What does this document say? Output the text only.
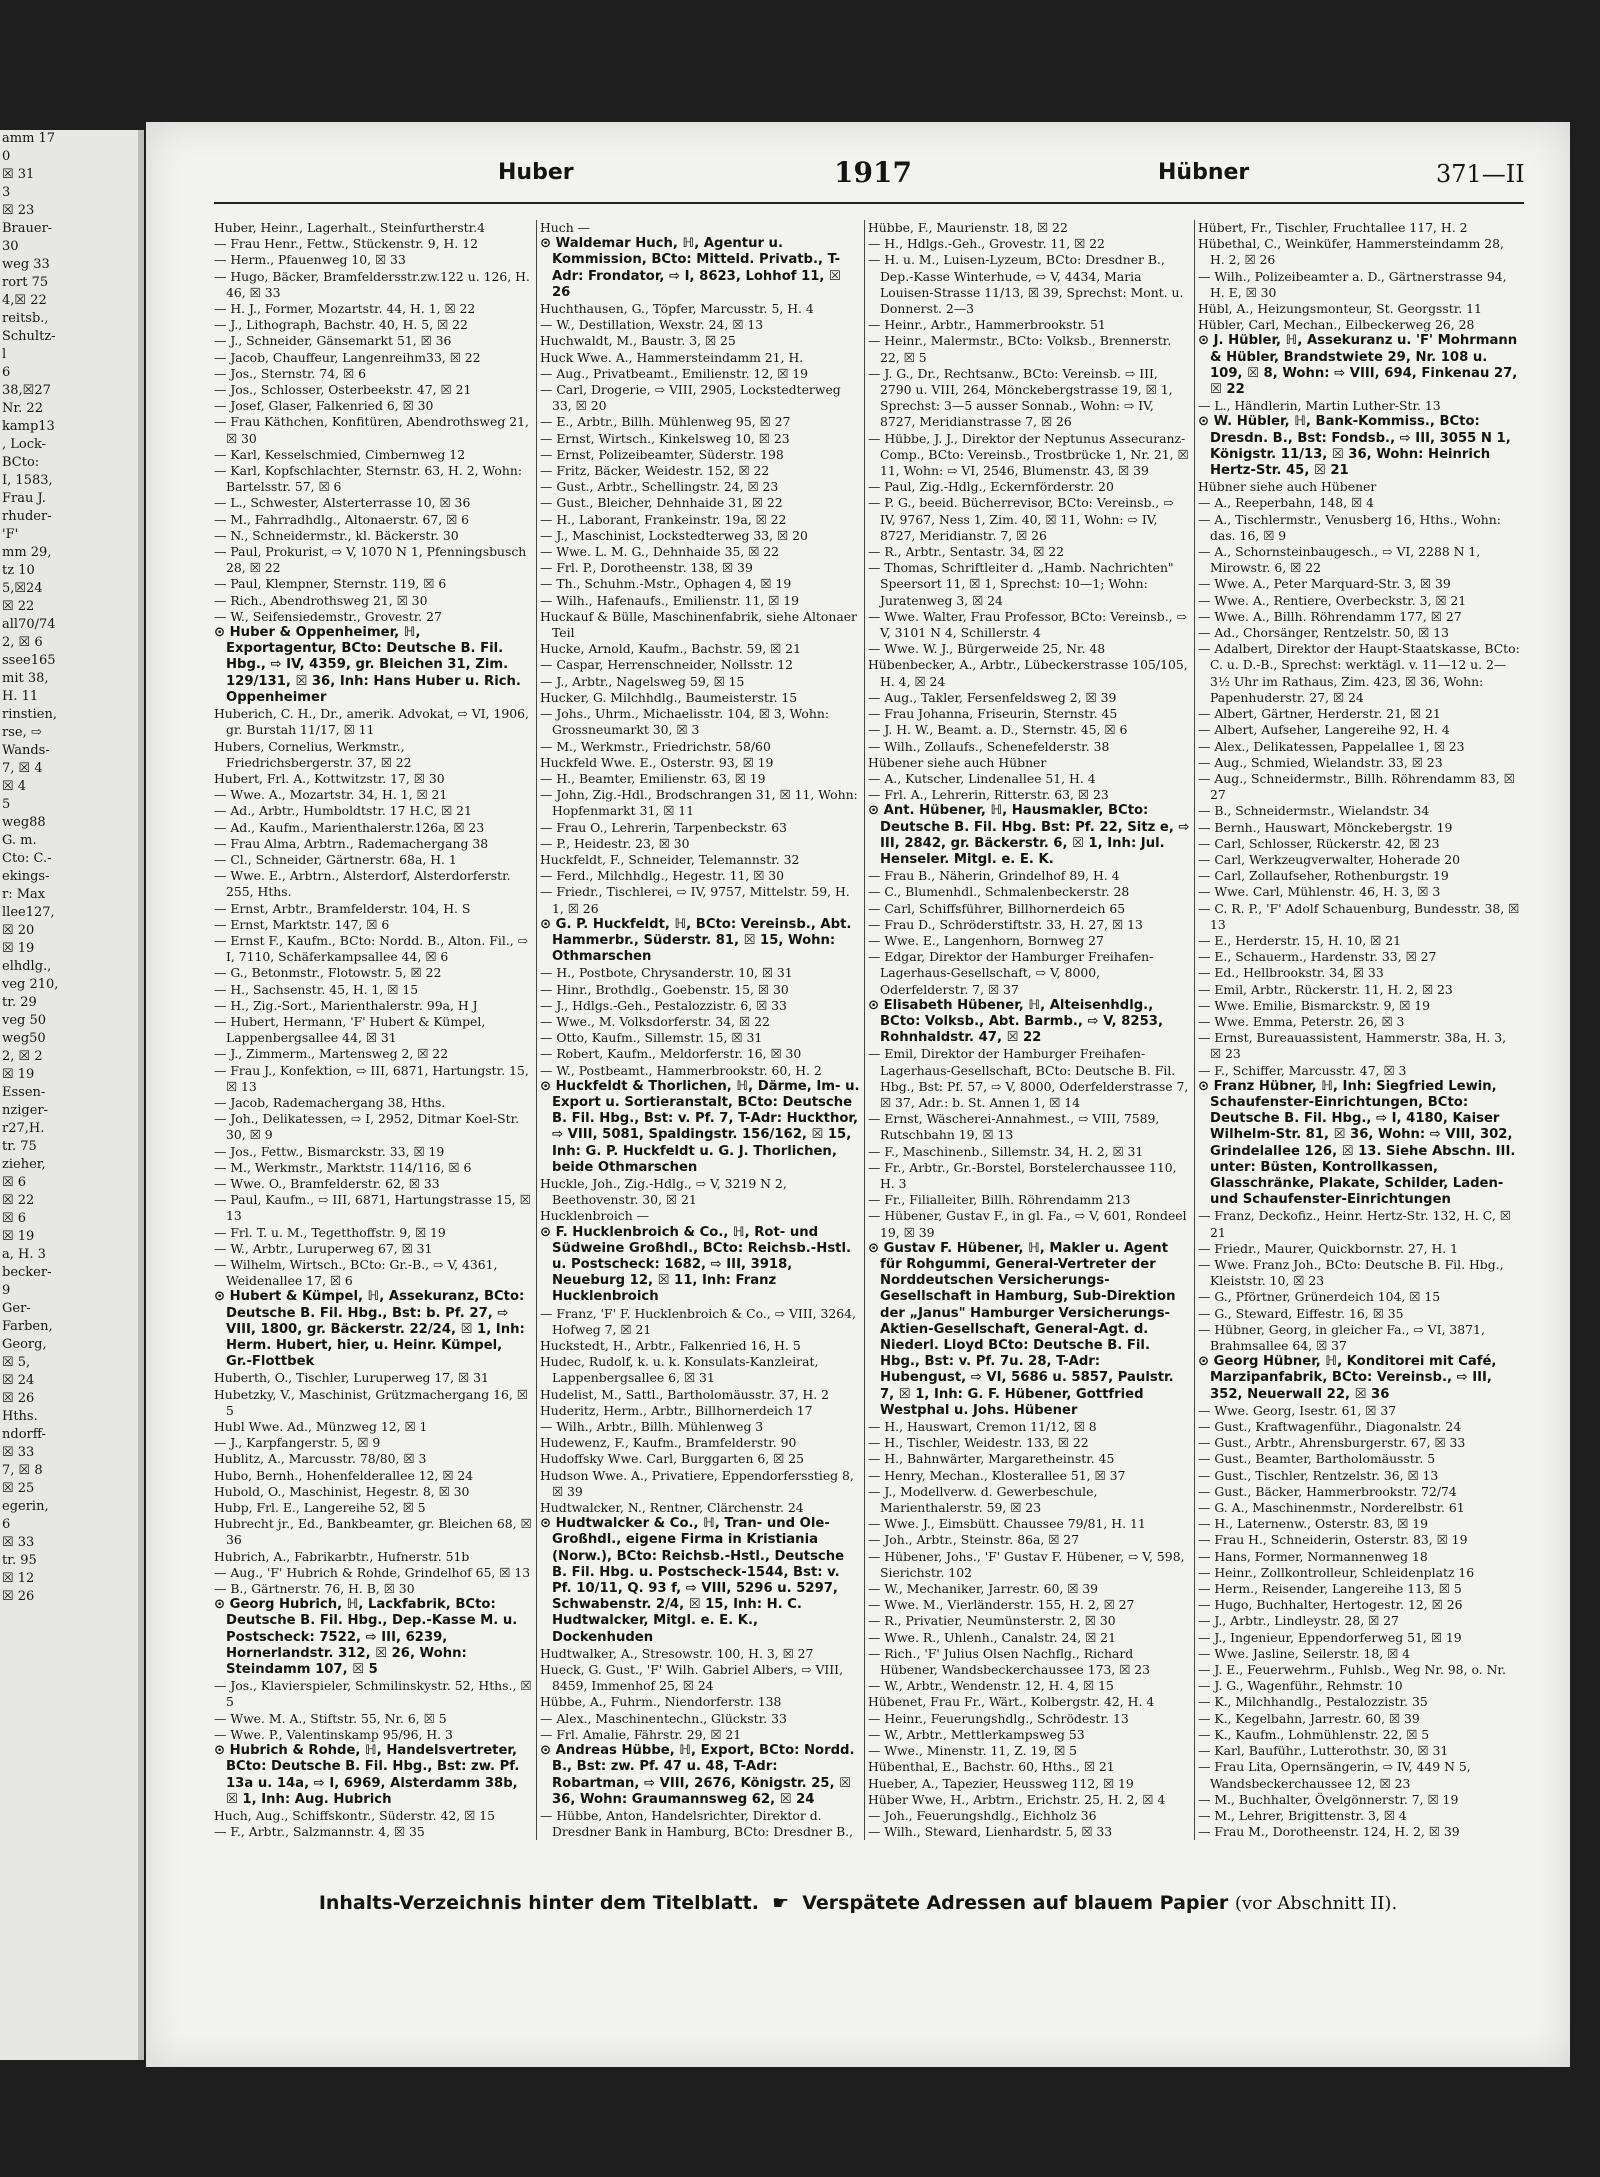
amm 17
0
☒ 31
3
☒ 23
Brauer-
30
weg 33
rort 75
4,☒ 22
reitsb.,
Schultz-
l
6
38,☒27
Nr. 22
kamp13
, Lock-
BCto:
I, 1583,
Frau J.
rhuder-
'F'
mm 29,
tz 10
5,☒24
☒ 22
all70/74
2, ☒ 6
ssee165
mit 38,
H. 11
rinstien,
rse, ⇨
Wands-
7, ☒ 4
☒ 4
5
weg88
G. m.
Cto: C.-
ekings-
r: Max
llee127,
☒ 20
☒ 19
elhdlg.,
veg 210,
tr. 29
veg 50
weg50
2, ☒ 2
☒ 19
Essen-
nziger-
r27,H.
tr. 75
zieher,
☒ 6
☒ 22
☒ 6
☒ 19
a, H. 3
becker-
9
Ger-
Farben,
Georg,
☒ 5,
☒ 24
☒ 26
Hths.
ndorff-
☒ 33
7, ☒ 8
☒ 25
egerin,
6
☒ 33
tr. 95
☒ 12
☒ 26
Huber	1917	Hübner	371—II
Huber, Heinr., Lagerhalt., Steinfurtherstr.4
— Frau Henr., Fettw., Stückenstr. 9, H. 12
— Herm., Pfauenweg 10, ☒ 33
— Hugo, Bäcker, Bramfeldersstr.zw.122 u. 126, H. 46, ☒ 33
— H. J., Former, Mozartstr. 44, H. 1, ☒ 22
— J., Lithograph, Bachstr. 40, H. 5, ☒ 22
— J., Schneider, Gänsemarkt 51, ☒ 36
— Jacob, Chauffeur, Langenreihm33, ☒ 22
— Jos., Sternstr. 74, ☒ 6
— Jos., Schlosser, Osterbeekstr. 47, ☒ 21
— Josef, Glaser, Falkenried 6, ☒ 30
— Frau Käthchen, Konfitüren, Abendrothsweg 21, ☒ 30
— Karl, Kesselschmied, Cimbernweg 12
— Karl, Kopfschlachter, Sternstr. 63, H. 2, Wohn: Bartelsstr. 57, ☒ 6
— L., Schwester, Alsterterrasse 10, ☒ 36
— M., Fahrradhdlg., Altonaerstr. 67, ☒ 6
— N., Schneidermstr., kl. Bäckerstr. 30
— Paul, Prokurist, ⇨ V, 1070 N 1, Pfenningsbusch 28, ☒ 22
— Paul, Klempner, Sternstr. 119, ☒ 6
— Rich., Abendrothsweg 21, ☒ 30
— W., Seifensiedemstr., Grovestr. 27
⊙ Huber & Oppenheimer, ℍ, Exportagentur, BCto: Deutsche B. Fil. Hbg., ⇨ IV, 4359, gr. Bleichen 31, Zim. 129/131, ☒ 36, Inh: Hans Huber u. Rich. Oppenheimer
Huberich, C. H., Dr., amerik. Advokat, ⇨ VI, 1906, gr. Burstah 11/17, ☒ 11
Hubers, Cornelius, Werkmstr., Friedrichsbergerstr. 37, ☒ 22
Hubert, Frl. A., Kottwitzstr. 17, ☒ 30
— Wwe. A., Mozartstr. 34, H. 1, ☒ 21
— Ad., Arbtr., Humboldtstr. 17 H.C, ☒ 21
— Ad., Kaufm., Marienthalerstr.126a, ☒ 23
— Frau Alma, Arbtrn., Rademachergang 38
— Cl., Schneider, Gärtnerstr. 68a, H. 1
— Wwe. E., Arbtrn., Alsterdorf, Alsterdorferstr. 255, Hths.
— Ernst, Arbtr., Bramfelderstr. 104, H. S
— Ernst, Marktstr. 147, ☒ 6
— Ernst F., Kaufm., BCto: Nordd. B., Alton. Fil., ⇨ I, 7110, Schäferkampsallee 44, ☒ 6
— G., Betonmstr., Flotowstr. 5, ☒ 22
— H., Sachsenstr. 45, H. 1, ☒ 15
— H., Zig.-Sort., Marienthalerstr. 99a, H J
— Hubert, Hermann, 'F' Hubert & Kümpel, Lappenbergsallee 44, ☒ 31
— J., Zimmerm., Martensweg 2, ☒ 22
— Frau J., Konfektion, ⇨ III, 6871, Hartungstr. 15, ☒ 13
— Jacob, Rademachergang 38, Hths.
— Joh., Delikatessen, ⇨ I, 2952, Ditmar Koel-Str. 30, ☒ 9
— Jos., Fettw., Bismarckstr. 33, ☒ 19
— M., Werkmstr., Marktstr. 114/116, ☒ 6
— Wwe. O., Bramfelderstr. 62, ☒ 33
— Paul, Kaufm., ⇨ III, 6871, Hartungstrasse 15, ☒ 13
— Frl. T. u. M., Tegetthoffstr. 9, ☒ 19
— W., Arbtr., Luruperweg 67, ☒ 31
— Wilhelm, Wirtsch., BCto: Gr.-B., ⇨ V, 4361, Weidenallee 17, ☒ 6
⊙ Hubert & Kümpel, ℍ, Assekuranz, BCto: Deutsche B. Fil. Hbg., Bst: b. Pf. 27, ⇨ VIII, 1800, gr. Bäckerstr. 22/24, ☒ 1, Inh: Herm. Hubert, hier, u. Heinr. Kümpel, Gr.-Flottbek
Huberth, O., Tischler, Luruperweg 17, ☒ 31
Hubetzky, V., Maschinist, Grützmachergang 16, ☒ 5
Hubl Wwe. Ad., Münzweg 12, ☒ 1
— J., Karpfangerstr. 5, ☒ 9
Hublitz, A., Marcusstr. 78/80, ☒ 3
Hubo, Bernh., Hohenfelderallee 12, ☒ 24
Hubold, O., Maschinist, Hegestr. 8, ☒ 30
Hubp, Frl. E., Langereihe 52, ☒ 5
Hubrecht jr., Ed., Bankbeamter, gr. Bleichen 68, ☒ 36
Hubrich, A., Fabrikarbtr., Hufnerstr. 51b
— Aug., 'F' Hubrich & Rohde, Grindelhof 65, ☒ 13
— B., Gärtnerstr. 76, H. B, ☒ 30
⊙ Georg Hubrich, ℍ, Lackfabrik, BCto: Deutsche B. Fil. Hbg., Dep.-Kasse M. u. Postscheck: 7522, ⇨ III, 6239, Hornerlandstr. 312, ☒ 26, Wohn: Steindamm 107, ☒ 5
— Jos., Klavierspieler, Schmilinskystr. 52, Hths., ☒ 5
— Wwe. M. A., Stiftstr. 55, Nr. 6, ☒ 5
— Wwe. P., Valentinskamp 95/96, H. 3
⊙ Hubrich & Rohde, ℍ, Handelsvertreter, BCto: Deutsche B. Fil. Hbg., Bst: zw. Pf. 13a u. 14a, ⇨ I, 6969, Alsterdamm 38b, ☒ 1, Inh: Aug. Hubrich
Huch, Aug., Schiffskontr., Süderstr. 42, ☒ 15
— F., Arbtr., Salzmannstr. 4, ☒ 35
Huch —
⊙ Waldemar Huch, ℍ, Agentur u. Kommission, BCto: Mitteld. Privatb., T-Adr: Frondator, ⇨ I, 8623, Lohhof 11, ☒ 26
Huchthausen, G., Töpfer, Marcusstr. 5, H. 4
— W., Destillation, Wexstr. 24, ☒ 13
Huchwaldt, M., Baustr. 3, ☒ 25
Huck Wwe. A., Hammersteindamm 21, H.
— Aug., Privatbeamt., Emilienstr. 12, ☒ 19
— Carl, Drogerie, ⇨ VIII, 2905, Lockstedterweg 33, ☒ 20
— E., Arbtr., Billh. Mühlenweg 95, ☒ 27
— Ernst, Wirtsch., Kinkelsweg 10, ☒ 23
— Ernst, Polizeibeamter, Süderstr. 198
— Fritz, Bäcker, Weidestr. 152, ☒ 22
— Gust., Arbtr., Schellingstr. 24, ☒ 23
— Gust., Bleicher, Dehnhaide 31, ☒ 22
— H., Laborant, Frankeinstr. 19a, ☒ 22
— J., Maschinist, Lockstedterweg 33, ☒ 20
— Wwe. L. M. G., Dehnhaide 35, ☒ 22
— Frl. P., Dorotheenstr. 138, ☒ 39
— Th., Schuhm.-Mstr., Ophagen 4, ☒ 19
— Wilh., Hafenaufs., Emilienstr. 11, ☒ 19
Huckauf & Bülle, Maschinenfabrik, siehe Altonaer Teil
Hucke, Arnold, Kaufm., Bachstr. 59, ☒ 21
— Caspar, Herrenschneider, Nollsstr. 12
— J., Arbtr., Nagelsweg 59, ☒ 15
Hucker, G. Milchhdlg., Baumeisterstr. 15
— Johs., Uhrm., Michaelisstr. 104, ☒ 3, Wohn: Grossneumarkt 30, ☒ 3
— M., Werkmstr., Friedrichstr. 58/60
Huckfeld Wwe. E., Osterstr. 93, ☒ 19
— H., Beamter, Emilienstr. 63, ☒ 19
— John, Zig.-Hdl., Brodschrangen 31, ☒ 11, Wohn: Hopfenmarkt 31, ☒ 11
— Frau O., Lehrerin, Tarpenbeckstr. 63
— P., Heidestr. 23, ☒ 30
Huckfeldt, F., Schneider, Telemannstr. 32
— Ferd., Milchhdlg., Hegestr. 11, ☒ 30
— Friedr., Tischlerei, ⇨ IV, 9757, Mittelstr. 59, H. 1, ☒ 26
⊙ G. P. Huckfeldt, ℍ, BCto: Vereinsb., Abt. Hammerbr., Süderstr. 81, ☒ 15, Wohn: Othmarschen
— H., Postbote, Chrysanderstr. 10, ☒ 31
— Hinr., Brothdlg., Goebenstr. 15, ☒ 30
— J., Hdlgs.-Geh., Pestalozzistr. 6, ☒ 33
— Wwe., M. Volksdorferstr. 34, ☒ 22
— Otto, Kaufm., Sillemstr. 15, ☒ 31
— Robert, Kaufm., Meldorferstr. 16, ☒ 30
— W., Postbeamt., Hammerbrookstr. 60, H. 2
⊙ Huckfeldt & Thorlichen, ℍ, Därme, Im- u. Export u. Sortieranstalt, BCto: Deutsche B. Fil. Hbg., Bst: v. Pf. 7, T-Adr: Huckthor, ⇨ VIII, 5081, Spaldingstr. 156/162, ☒ 15, Inh: G. P. Huckfeldt u. G. J. Thorlichen, beide Othmarschen
Huckle, Joh., Zig.-Hdlg., ⇨ V, 3219 N 2, Beethovenstr. 30, ☒ 21
Hucklenbroich —
⊙ F. Hucklenbroich & Co., ℍ, Rot- und Südweine Großhdl., BCto: Reichsb.-Hstl. u. Postscheck: 1682, ⇨ III, 3918, Neueburg 12, ☒ 11, Inh: Franz Hucklenbroich
— Franz, 'F' F. Hucklenbroich & Co., ⇨ VIII, 3264, Hofweg 7, ☒ 21
Huckstedt, H., Arbtr., Falkenried 16, H. 5
Hudec, Rudolf, k. u. k. Konsulats-Kanzleirat, Lappenbergsallee 6, ☒ 31
Hudelist, M., Sattl., Bartholomäusstr. 37, H. 2
Huderitz, Herm., Arbtr., Billhornerdeich 17
— Wilh., Arbtr., Billh. Mühlenweg 3
Hudewenz, F., Kaufm., Bramfelderstr. 90
Hudoffsky Wwe. Carl, Burggarten 6, ☒ 25
Hudson Wwe. A., Privatiere, Eppendorfersstieg 8, ☒ 39
Hudtwalcker, N., Rentner, Clärchenstr. 24
⊙ Hudtwalcker & Co., ℍ, Tran- und Ole-Großhdl., eigene Firma in Kristiania (Norw.), BCto: Reichsb.-Hstl., Deutsche B. Fil. Hbg. u. Postscheck-1544, Bst: v. Pf. 10/11, Q. 93 f, ⇨ VIII, 5296 u. 5297, Schwabenstr. 2/4, ☒ 15, Inh: H. C. Hudtwalcker, Mitgl. e. E. K., Dockenhuden
Hudtwalker, A., Stresowstr. 100, H. 3, ☒ 27
Hueck, G. Gust., 'F' Wilh. Gabriel Albers, ⇨ VIII, 8459, Immenhof 25, ☒ 24
Hübbe, A., Fuhrm., Niendorferstr. 138
— Alex., Maschinentechn., Glückstr. 33
— Frl. Amalie, Fährstr. 29, ☒ 21
⊙ Andreas Hübbe, ℍ, Export, BCto: Nordd. B., Bst: zw. Pf. 47 u. 48, T-Adr: Robartman, ⇨ VIII, 2676, Königstr. 25, ☒ 36, Wohn: Graumannsweg 62, ☒ 24
— Hübbe, Anton, Handelsrichter, Direktor d. Dresdner Bank in Hamburg, BCto: Dresdner B.,
Hübbe, F., Maurienstr. 18, ☒ 22
— H., Hdlgs.-Geh., Grovestr. 11, ☒ 22
— H. u. M., Luisen-Lyzeum, BCto: Dresdner B., Dep.-Kasse Winterhude, ⇨ V, 4434, Maria Louisen-Strasse 11/13, ☒ 39, Sprechst: Mont. u. Donnerst. 2—3
— Heinr., Arbtr., Hammerbrookstr. 51
— Heinr., Malermstr., BCto: Volksb., Brennerstr. 22, ☒ 5
— J. G., Dr., Rechtsanw., BCto: Vereinsb. ⇨ III, 2790 u. VIII, 264, Mönckebergstrasse 19, ☒ 1, Sprechst: 3—5 ausser Sonnab., Wohn: ⇨ IV, 8727, Meridianstrasse 7, ☒ 26
— Hübbe, J. J., Direktor der Neptunus Assecuranz-Comp., BCto: Vereinsb., Trostbrücke 1, Nr. 21, ☒ 11, Wohn: ⇨ VI, 2546, Blumenstr. 43, ☒ 39
— Paul, Zig.-Hdlg., Eckernförderstr. 20
— P. G., beeid. Bücherrevisor, BCto: Vereinsb., ⇨ IV, 9767, Ness 1, Zim. 40, ☒ 11, Wohn: ⇨ IV, 8727, Meridianstr. 7, ☒ 26
— R., Arbtr., Sentastr. 34, ☒ 22
— Thomas, Schriftleiter d. „Hamb. Nachrichten" Speersort 11, ☒ 1, Sprechst: 10—1; Wohn: Juratenweg 3, ☒ 24
— Wwe. Walter, Frau Professor, BCto: Vereinsb., ⇨ V, 3101 N 4, Schillerstr. 4
— Wwe. W. J., Bürgerweide 25, Nr. 48
Hübenbecker, A., Arbtr., Lübeckerstrasse 105/105, H. 4, ☒ 24
— Aug., Takler, Fersenfeldsweg 2, ☒ 39
— Frau Johanna, Friseurin, Sternstr. 45
— J. H. W., Beamt. a. D., Sternstr. 45, ☒ 6
— Wilh., Zollaufs., Schenefelderstr. 38
Hübener siehe auch Hübner
— A., Kutscher, Lindenallee 51, H. 4
— Frl. A., Lehrerin, Ritterstr. 63, ☒ 23
⊙ Ant. Hübener, ℍ, Hausmakler, BCto: Deutsche B. Fil. Hbg. Bst: Pf. 22, Sitz e, ⇨ III, 2842, gr. Bäckerstr. 6, ☒ 1, Inh: Jul. Henseler. Mitgl. e. E. K.
— Frau B., Näherin, Grindelhof 89, H. 4
— C., Blumenhdl., Schmalenbeckerstr. 28
— Carl, Schiffsführer, Billhornerdeich 65
— Frau D., Schröderstiftstr. 33, H. 27, ☒ 13
— Wwe. E., Langenhorn, Bornweg 27
— Edgar, Direktor der Hamburger Freihafen-Lagerhaus-Gesellschaft, ⇨ V, 8000, Oderfelderstr. 7, ☒ 37
⊙ Elisabeth Hübener, ℍ, Alteisenhdlg., BCto: Volksb., Abt. Barmb., ⇨ V, 8253, Rohnhaldstr. 47, ☒ 22
— Emil, Direktor der Hamburger Freihafen-Lagerhaus-Gesellschaft, BCto: Deutsche B. Fil. Hbg., Bst: Pf. 57, ⇨ V, 8000, Oderfelderstrasse 7, ☒ 37, Adr.: b. St. Annen 1, ☒ 14
— Ernst, Wäscherei-Annahmest., ⇨ VIII, 7589, Rutschbahn 19, ☒ 13
— F., Maschinenb., Sillemstr. 34, H. 2, ☒ 31
— Fr., Arbtr., Gr.-Borstel, Borstelerchaussee 110, H. 3
— Fr., Filialleiter, Billh. Röhrendamm 213
— Hübener, Gustav F., in gl. Fa., ⇨ V, 601, Rondeel 19, ☒ 39
⊙ Gustav F. Hübener, ℍ, Makler u. Agent für Rohgummi, General-Vertreter der Norddeutschen Versicherungs-Gesellschaft in Hamburg, Sub-Direktion der „Janus" Hamburger Versicherungs-Aktien-Gesellschaft, General-Agt. d. Niederl. Lloyd BCto: Deutsche B. Fil. Hbg., Bst: v. Pf. 7u. 28, T-Adr: Hubengust, ⇨ VI, 5686 u. 5857, Paulstr. 7, ☒ 1, Inh: G. F. Hübener, Gottfried Westphal u. Johs. Hübener
— H., Hauswart, Cremon 11/12, ☒ 8
— H., Tischler, Weidestr. 133, ☒ 22
— H., Bahnwärter, Margaretheinstr. 45
— Henry, Mechan., Klosterallee 51, ☒ 37
— J., Modellverw. d. Gewerbeschule, Marienthalerstr. 59, ☒ 23
— Wwe. J., Eimsbütt. Chaussee 79/81, H. 11
— Joh., Arbtr., Steinstr. 86a, ☒ 27
— Hübener, Johs., 'F' Gustav F. Hübener, ⇨ V, 598, Sierichstr. 102
— W., Mechaniker, Jarrestr. 60, ☒ 39
— Wwe. M., Vierländerstr. 155, H. 2, ☒ 27
— R., Privatier, Neumünsterstr. 2, ☒ 30
— Wwe. R., Uhlenh., Canalstr. 24, ☒ 21
— Rich., 'F' Julius Olsen Nachflg., Richard Hübener, Wandsbeckerchaussee 173, ☒ 23
— W., Arbtr., Wendenstr. 12, H. 4, ☒ 15
Hübenet, Frau Fr., Wärt., Kolbergstr. 42, H. 4
— Heinr., Feuerungshdlg., Schrödestr. 13
— W., Arbtr., Mettlerkampsweg 53
— Wwe., Minenstr. 11, Z. 19, ☒ 5
Hübenthal, E., Bachstr. 60, Hths., ☒ 21
Hueber, A., Tapezier, Heussweg 112, ☒ 19
Hüber Wwe, H., Arbtrn., Erichstr. 25, H. 2, ☒ 4
— Joh., Feuerungshdlg., Eichholz 36
— Wilh., Steward, Lienhardstr. 5, ☒ 33
Hübert, Fr., Tischler, Fruchtallee 117, H. 2
Hübethal, C., Weinküfer, Hammersteindamm 28, H. 2, ☒ 26
— Wilh., Polizeibeamter a. D., Gärtnerstrasse 94, H. E, ☒ 30
Hübl, A., Heizungsmonteur, St. Georgsstr. 11
Hübler, Carl, Mechan., Eilbeckerweg 26, 28
⊙ J. Hübler, ℍ, Assekuranz u. 'F' Mohrmann & Hübler, Brandstwiete 29, Nr. 108 u. 109, ☒ 8, Wohn: ⇨ VIII, 694, Finkenau 27, ☒ 22
— L., Händlerin, Martin Luther-Str. 13
⊙ W. Hübler, ℍ, Bank-Kommiss., BCto: Dresdn. B., Bst: Fondsb., ⇨ III, 3055 N 1, Königstr. 11/13, ☒ 36, Wohn: Heinrich Hertz-Str. 45, ☒ 21
Hübner siehe auch Hübener
— A., Reeperbahn, 148, ☒ 4
— A., Tischlermstr., Venusberg 16, Hths., Wohn: das. 16, ☒ 9
— A., Schornsteinbaugesch., ⇨ VI, 2288 N 1, Mirowstr. 6, ☒ 22
— Wwe. A., Peter Marquard-Str. 3, ☒ 39
— Wwe. A., Rentiere, Overbeckstr. 3, ☒ 21
— Wwe. A., Billh. Röhrendamm 177, ☒ 27
— Ad., Chorsänger, Rentzelstr. 50, ☒ 13
— Adalbert, Direktor der Haupt-Staatskasse, BCto: C. u. D.-B., Sprechst: werktägl. v. 11—12 u. 2—3½ Uhr im Rathaus, Zim. 423, ☒ 36, Wohn: Papenhuderstr. 27, ☒ 24
— Albert, Gärtner, Herderstr. 21, ☒ 21
— Albert, Aufseher, Langereihe 92, H. 4
— Alex., Delikatessen, Pappelallee 1, ☒ 23
— Aug., Schmied, Wielandstr. 33, ☒ 23
— Aug., Schneidermstr., Billh. Röhrendamm 83, ☒ 27
— B., Schneidermstr., Wielandstr. 34
— Bernh., Hauswart, Mönckebergstr. 19
— Carl, Schlosser, Rückerstr. 42, ☒ 23
— Carl, Werkzeugverwalter, Hoherade 20
— Carl, Zollaufseher, Rothenburgstr. 19
— Wwe. Carl, Mühlenstr. 46, H. 3, ☒ 3
— C. R. P., 'F' Adolf Schauenburg, Bundesstr. 38, ☒ 13
— E., Herderstr. 15, H. 10, ☒ 21
— E., Schauerm., Hardenstr. 33, ☒ 27
— Ed., Hellbrookstr. 34, ☒ 33
— Emil, Arbtr., Rückerstr. 11, H. 2, ☒ 23
— Wwe. Emilie, Bismarckstr. 9, ☒ 19
— Wwe. Emma, Peterstr. 26, ☒ 3
— Ernst, Bureauassistent, Hammerstr. 38a, H. 3, ☒ 23
— F., Schiffer, Marcusstr. 47, ☒ 3
⊙ Franz Hübner, ℍ, Inh: Siegfried Lewin, Schaufenster-Einrichtungen, BCto: Deutsche B. Fil. Hbg., ⇨ I, 4180, Kaiser Wilhelm-Str. 81, ☒ 36, Wohn: ⇨ VIII, 302, Grindelallee 126, ☒ 13. Siehe Abschn. III. unter: Büsten, Kontrollkassen, Glasschränke, Plakate, Schilder, Laden- und Schaufenster-Einrichtungen
— Franz, Deckofiz., Heinr. Hertz-Str. 132, H. C, ☒ 21
— Friedr., Maurer, Quickbornstr. 27, H. 1
— Wwe. Franz Joh., BCto: Deutsche B. Fil. Hbg., Kleiststr. 10, ☒ 23
— G., Pförtner, Grünerdeich 104, ☒ 15
— G., Steward, Eiffestr. 16, ☒ 35
— Hübner, Georg, in gleicher Fa., ⇨ VI, 3871, Brahmsallee 64, ☒ 37
⊙ Georg Hübner, ℍ, Konditorei mit Café, Marzipanfabrik, BCto: Vereinsb., ⇨ III, 352, Neuerwall 22, ☒ 36
— Wwe. Georg, Isestr. 61, ☒ 37
— Gust., Kraftwagenführ., Diagonalstr. 24
— Gust., Arbtr., Ahrensburgerstr. 67, ☒ 33
— Gust., Beamter, Bartholomäusstr. 5
— Gust., Tischler, Rentzelstr. 36, ☒ 13
— Gust., Bäcker, Hammerbrookstr. 72/74
— G. A., Maschinenmstr., Norderelbstr. 61
— H., Laternenw., Osterstr. 83, ☒ 19
— Frau H., Schneiderin, Osterstr. 83, ☒ 19
— Hans, Former, Normannenweg 18
— Heinr., Zollkontrolleur, Schleidenplatz 16
— Herm., Reisender, Langereihe 113, ☒ 5
— Hugo, Buchhalter, Hertogestr. 12, ☒ 26
— J., Arbtr., Lindleystr. 28, ☒ 27
— J., Ingenieur, Eppendorferweg 51, ☒ 19
— Wwe. Jasline, Seilerstr. 18, ☒ 4
— J. E., Feuerwehrm., Fuhlsb., Weg Nr. 98, o. Nr.
— J. G., Wagenführ., Rehmstr. 10
— K., Milchhandlg., Pestalozzistr. 35
— K., Kegelbahn, Jarrestr. 60, ☒ 39
— K., Kaufm., Lohmühlenstr. 22, ☒ 5
— Karl, Bauführ., Lutterothstr. 30, ☒ 31
— Frau Lita, Opernsängerin, ⇨ IV, 449 N 5, Wandsbeckerchaussee 12, ☒ 23
— M., Buchhalter, Övelgönnerstr. 7, ☒ 19
— M., Lehrer, Brigittenstr. 3, ☒ 4
— Frau M., Dorotheenstr. 124, H. 2, ☒ 39
Inhalts-Verzeichnis hinter dem Titelblatt. ☛ Verspätete Adressen auf blauem Papier (vor Abschnitt II).
